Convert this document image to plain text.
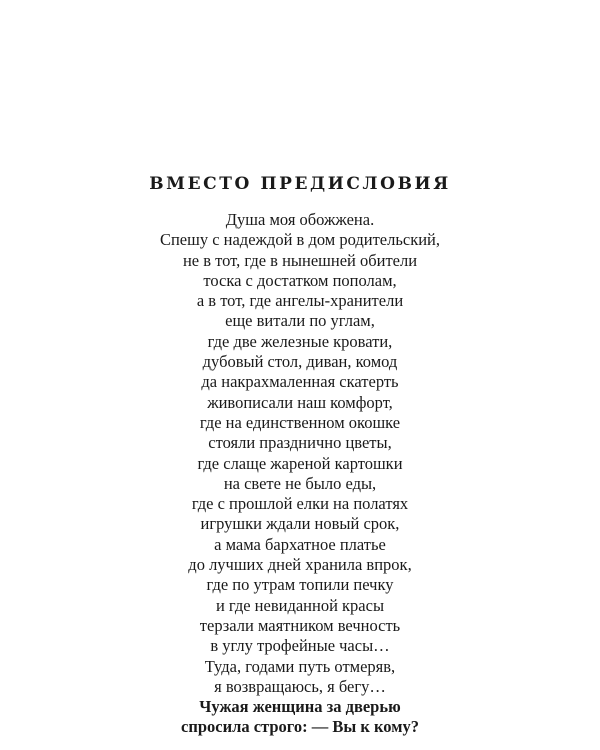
ВМЕСТО ПРЕДИСЛОВИЯ
Душа моя обожжена.
Спешу с надеждой в дом родительский,
не в тот, где в нынешней обители
тоска с достатком пополам,
а в тот, где ангелы-хранители
еще витали по углам,
где две железные кровати,
дубовый стол, диван, комод
да накрахмаленная скатерть
живописали наш комфорт,
где на единственном окошке
стояли празднично цветы,
где слаще жареной картошки
на свете не было еды,
где с прошлой елки на полатях
игрушки ждали новый срок,
а мама бархатное платье
до лучших дней хранила впрок,
где по утрам топили печку
и где невиданной красы
терзали маятником вечность
в углу трофейные часы…
Туда, годами путь отмеряв,
я возвращаюсь, я бегу…
Чужая женщина за дверью
спросила строго: — Вы к кому?
